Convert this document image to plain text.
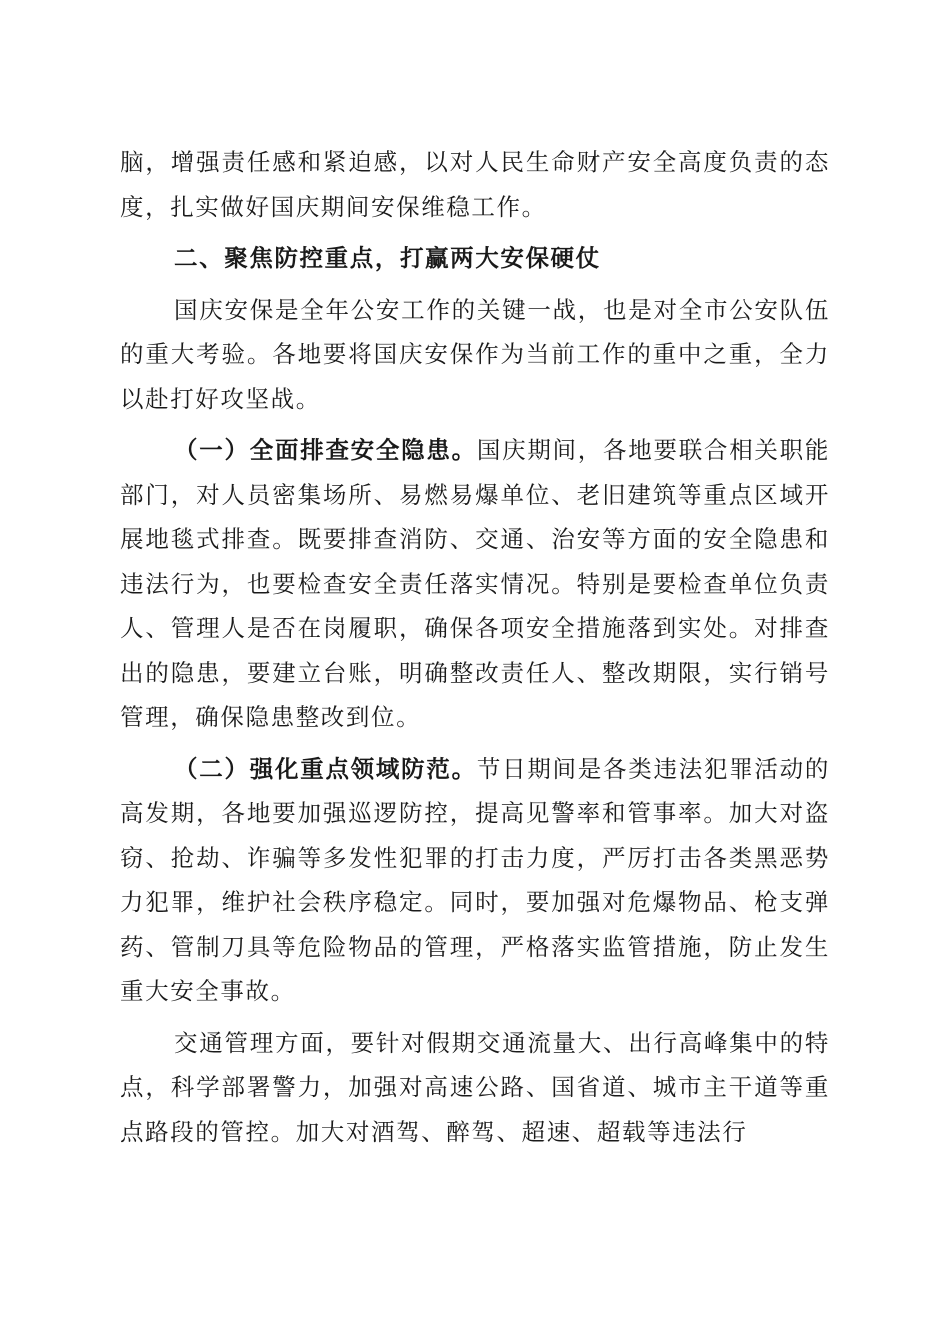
脑，增强责任感和紧迫感，以对人民生命财产安全高度负责的态度，扎实做好国庆期间安保维稳工作。

二、聚焦防控重点，打赢两大安保硬仗

国庆安保是全年公安工作的关键一战，也是对全市公安队伍的重大考验。各地要将国庆安保作为当前工作的重中之重，全力以赴打好攻坚战。

（一）全面排查安全隐患。国庆期间，各地要联合相关职能部门，对人员密集场所、易燃易爆单位、老旧建筑等重点区域开展地毯式排查。既要排查消防、交通、治安等方面的安全隐患和违法行为，也要检查安全责任落实情况。特别是要检查单位负责人、管理人是否在岗履职，确保各项安全措施落到实处。对排查出的隐患，要建立台账，明确整改责任人、整改期限，实行销号管理，确保隐患整改到位。

（二）强化重点领域防范。节日期间是各类违法犯罪活动的高发期，各地要加强巡逻防控，提高见警率和管事率。加大对盗窃、抢劫、诈骗等多发性犯罪的打击力度，严厉打击各类黑恶势力犯罪，维护社会秩序稳定。同时，要加强对危爆物品、枪支弹药、管制刀具等危险物品的管理，严格落实监管措施，防止发生重大安全事故。

交通管理方面，要针对假期交通流量大、出行高峰集中的特点，科学部署警力，加强对高速公路、国省道、城市主干道等重点路段的管控。加大对酒驾、醉驾、超速、超载等违法行
